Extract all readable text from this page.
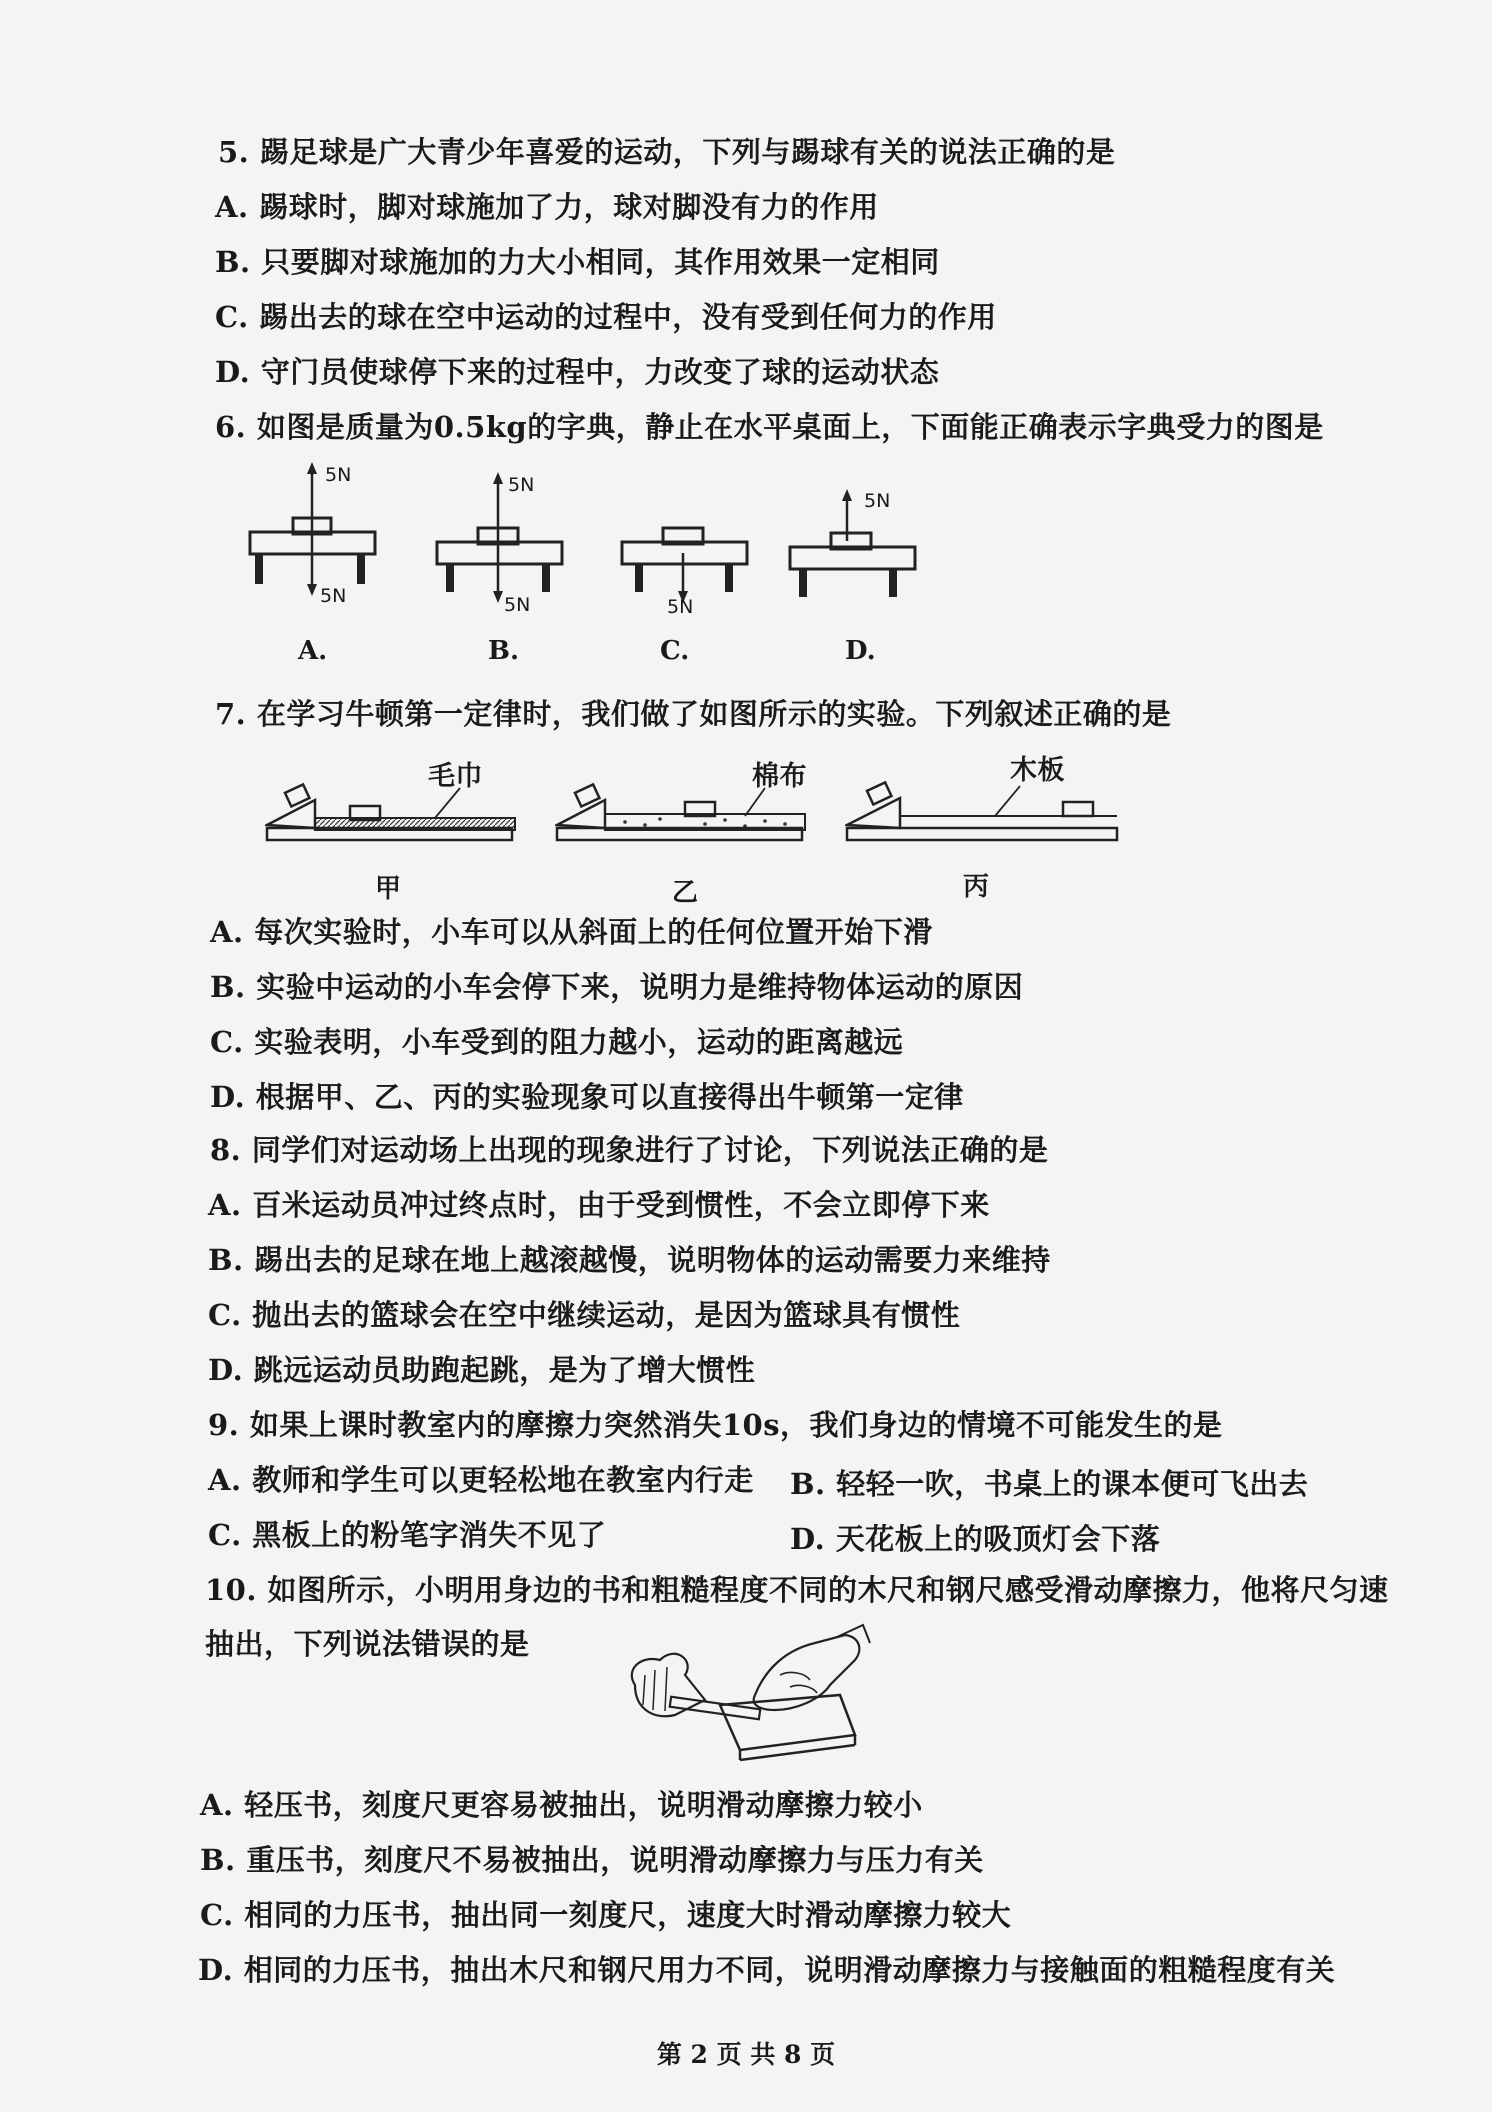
5. 踢足球是广大青少年喜爱的运动，下列与踢球有关的说法正确的是
A. 踢球时，脚对球施加了力，球对脚没有力的作用
B. 只要脚对球施加的力大小相同，其作用效果一定相同
C. 踢出去的球在空中运动的过程中，没有受到任何力的作用
D. 守门员使球停下来的过程中，力改变了球的运动状态
6. 如图是质量为0.5kg的字典，静止在水平桌面上，下面能正确表示字典受力的图是
5N
5N
A.
5N
5N
B.
5N
C.
5N
D.
7. 在学习牛顿第一定律时，我们做了如图所示的实验。下列叙述正确的是
毛巾
甲
棉布
乙
木板
丙
A. 每次实验时，小车可以从斜面上的任何位置开始下滑
B. 实验中运动的小车会停下来，说明力是维持物体运动的原因
C. 实验表明，小车受到的阻力越小，运动的距离越远
D. 根据甲、乙、丙的实验现象可以直接得出牛顿第一定律
8. 同学们对运动场上出现的现象进行了讨论，下列说法正确的是
A. 百米运动员冲过终点时，由于受到惯性，不会立即停下来
B. 踢出去的足球在地上越滚越慢，说明物体的运动需要力来维持
C. 抛出去的篮球会在空中继续运动，是因为篮球具有惯性
D. 跳远运动员助跑起跳，是为了增大惯性
9. 如果上课时教室内的摩擦力突然消失10s，我们身边的情境不可能发生的是
A. 教师和学生可以更轻松地在教室内行走 B. 轻轻一吹，书桌上的课本便可飞出去
C. 黑板上的粉笔字消失不见了	D. 天花板上的吸顶灯会下落
10. 如图所示，小明用身边的书和粗糙程度不同的木尺和钢尺感受滑动摩擦力，他将尺匀速
抽出，下列说法错误的是
A. 轻压书，刻度尺更容易被抽出，说明滑动摩擦力较小
B. 重压书，刻度尺不易被抽出，说明滑动摩擦力与压力有关
C. 相同的力压书，抽出同一刻度尺，速度大时滑动摩擦力较大
D. 相同的力压书，抽出木尺和钢尺用力不同，说明滑动摩擦力与接触面的粗糙程度有关
第 2 页 共 8 页
